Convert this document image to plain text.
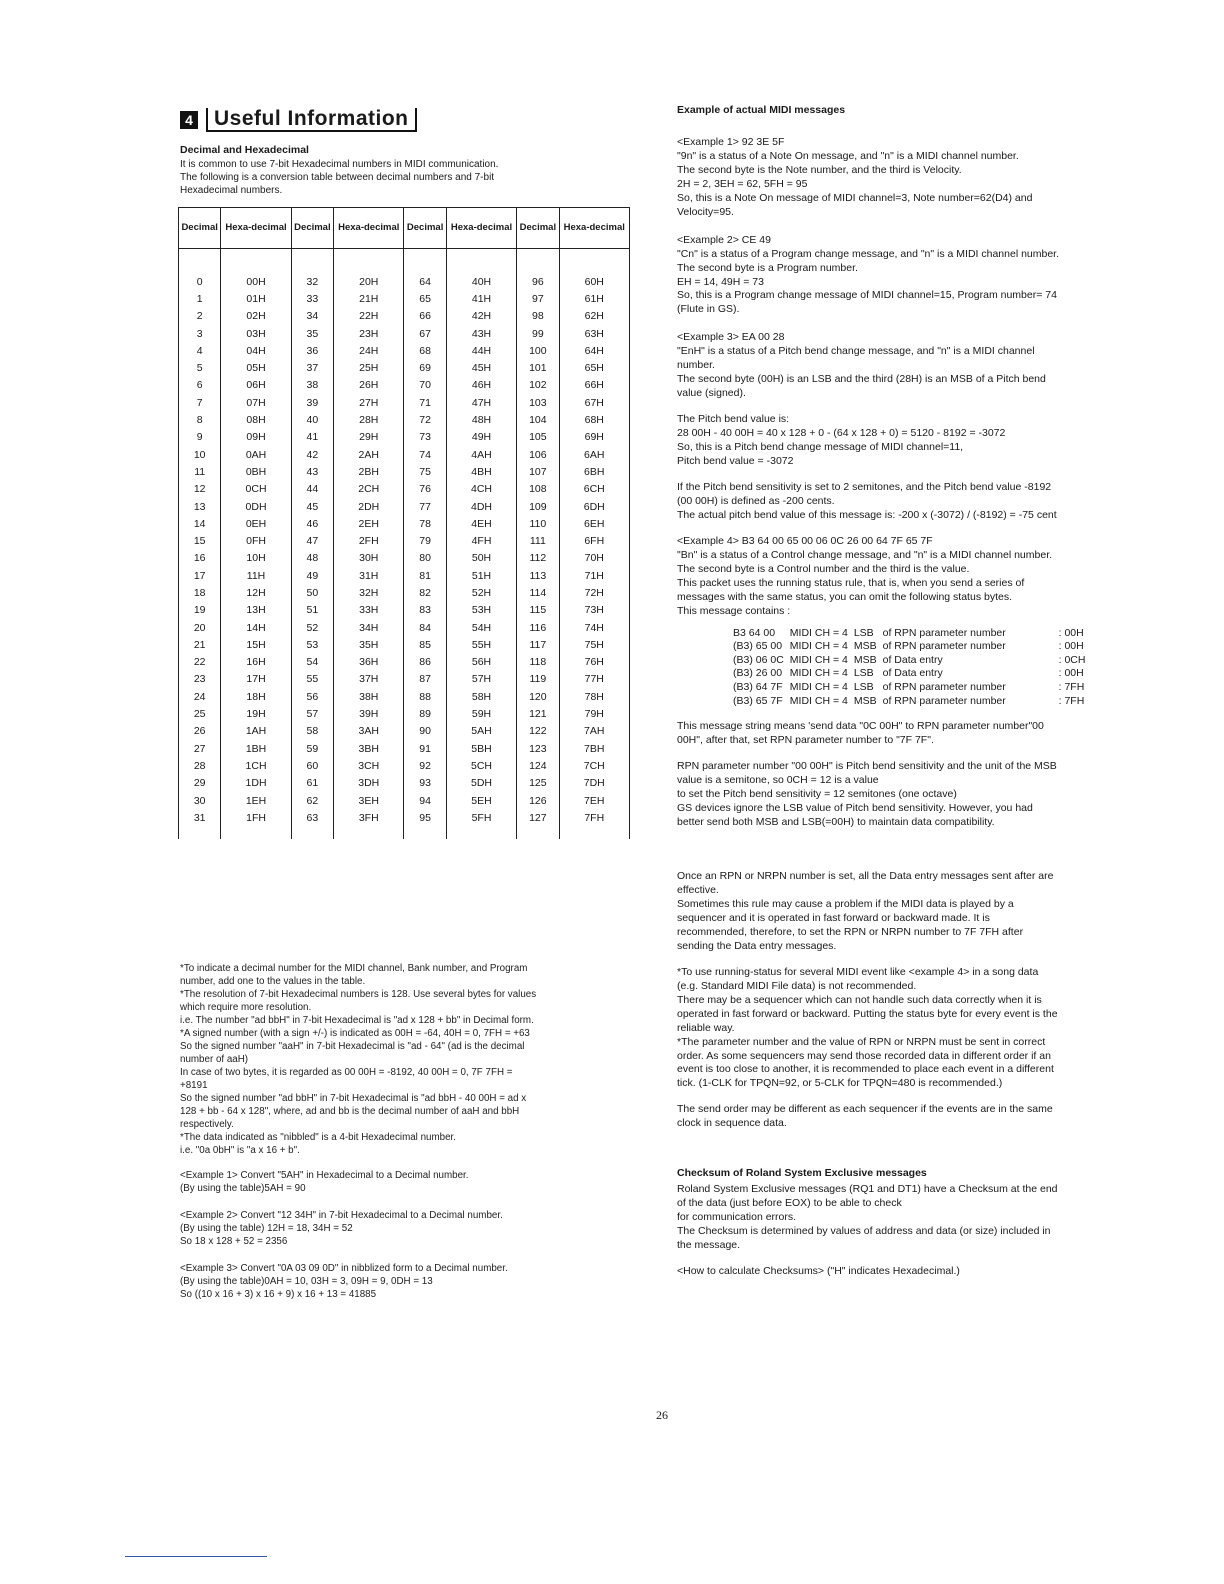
4	Useful Information

Decimal and Hexadecimal

It is common to use 7-bit Hexadecimal numbers in MIDI communication.
The following is a conversion table between decimal numbers and 7-bit
Hexadecimal numbers.
Decimal	Hexa-decimal	Decimal	Hexa-decimal	Decimal	Hexa-decimal	Decimal	Hexa-decimal

0	00H	32	20H	64	40H	96	60H
1	01H	33	21H	65	41H	97	61H
2	02H	34	22H	66	42H	98	62H
3	03H	35	23H	67	43H	99	63H
4	04H	36	24H	68	44H	100	64H
5	05H	37	25H	69	45H	101	65H
6	06H	38	26H	70	46H	102	66H
7	07H	39	27H	71	47H	103	67H
8	08H	40	28H	72	48H	104	68H
9	09H	41	29H	73	49H	105	69H
10	0AH	42	2AH	74	4AH	106	6AH
11	0BH	43	2BH	75	4BH	107	6BH
12	0CH	44	2CH	76	4CH	108	6CH
13	0DH	45	2DH	77	4DH	109	6DH
14	0EH	46	2EH	78	4EH	110	6EH
15	0FH	47	2FH	79	4FH	111	6FH
16	10H	48	30H	80	50H	112	70H
17	11H	49	31H	81	51H	113	71H
18	12H	50	32H	82	52H	114	72H
19	13H	51	33H	83	53H	115	73H
20	14H	52	34H	84	54H	116	74H
21	15H	53	35H	85	55H	117	75H
22	16H	54	36H	86	56H	118	76H
23	17H	55	37H	87	57H	119	77H
24	18H	56	38H	88	58H	120	78H
25	19H	57	39H	89	59H	121	79H
26	1AH	58	3AH	90	5AH	122	7AH
27	1BH	59	3BH	91	5BH	123	7BH
28	1CH	60	3CH	92	5CH	124	7CH
29	1DH	61	3DH	93	5DH	125	7DH
30	1EH	62	3EH	94	5EH	126	7EH
31	1FH	63	3FH	95	5FH	127	7FH

*To indicate a decimal number for the MIDI channel, Bank number, and Program
number, add one to the values in the table.
*The resolution of 7-bit Hexadecimal numbers is 128. Use several bytes for values
which require more resolution.
i.e. The number "ad bbH" in 7-bit Hexadecimal is "ad x 128 + bb" in Decimal form.
*A signed number (with a sign +/-) is indicated as 00H = -64, 40H = 0, 7FH = +63
So the signed number "aaH" in 7-bit Hexadecimal is "ad - 64" (ad is the decimal
number of aaH)
In case of two bytes, it is regarded as 00 00H = -8192, 40 00H = 0, 7F 7FH =
+8191
So the signed number "ad bbH" in 7-bit Hexadecimal is "ad bbH - 40 00H = ad x
128 + bb - 64 x 128", where, ad and bb is the decimal number of aaH and bbH
respectively.
*The data indicated as "nibbled" is a 4-bit Hexadecimal number.
i.e. "0a 0bH" is "a x 16 + b".
<Example 1> Convert "5AH" in Hexadecimal to a Decimal number.
(By using the table)5AH = 90
<Example 2> Convert "12 34H" in 7-bit Hexadecimal to a Decimal number.
(By using the table) 12H = 18, 34H = 52
So 18 x 128 + 52 = 2356
<Example 3> Convert "0A 03 09 0D" in nibblized form to a Decimal number.
(By using the table)0AH = 10, 03H = 3, 09H = 9, 0DH = 13
So ((10 x 16 + 3) x 16 + 9) x 16 + 13 = 41885
Example of actual MIDI messages
<Example 1> 92 3E 5F
"9n" is a status of a Note On message, and "n" is a MIDI channel number.
The second byte is the Note number, and the third is Velocity.
2H = 2, 3EH = 62, 5FH = 95
So, this is a Note On message of MIDI channel=3, Note number=62(D4) and
Velocity=95.
<Example 2> CE 49
"Cn" is a status of a Program change message, and "n" is a MIDI channel number.
The second byte is a Program number.
EH = 14, 49H = 73
So, this is a Program change message of MIDI channel=15, Program number= 74
(Flute in GS).
<Example 3> EA 00 28
"EnH" is a status of a Pitch bend change message, and "n" is a MIDI channel
number.
The second byte (00H) is an LSB and the third (28H) is an MSB of a Pitch bend
value (signed).
The Pitch bend value is:
28 00H - 40 00H = 40 x 128 + 0 - (64 x 128 + 0) = 5120 - 8192 = -3072
So, this is a Pitch bend change message of MIDI channel=11,
Pitch bend value = -3072
If the Pitch bend sensitivity is set to 2 semitones, and the Pitch bend value -8192
(00 00H) is defined as -200 cents.
The actual pitch bend value of this message is: -200 x (-3072) / (-8192) = -75 cent
<Example 4> B3 64 00 65 00 06 0C 26 00 64 7F 65 7F
"Bn" is a status of a Control change message, and "n" is a MIDI channel number.
The second byte is a Control number and the third is the value.
This packet uses the running status rule, that is, when you send a series of
messages with the same status, you can omit the following status bytes.
This message contains :
B3 64 00	MIDI CH = 4	LSB	of RPN parameter number	: 00H
(B3) 65 00	MIDI CH = 4	MSB	of RPN parameter number	: 00H
(B3) 06 0C	MIDI CH = 4	MSB	of Data entry	: 0CH
(B3) 26 00	MIDI CH = 4	LSB	of Data entry	: 00H
(B3) 64 7F	MIDI CH = 4	LSB	of RPN parameter number	: 7FH
(B3) 65 7F	MIDI CH = 4	MSB	of RPN parameter number	: 7FH
This message string means 'send data "0C 00H" to RPN parameter number"00
00H", after that, set RPN parameter number to "7F 7F".
RPN parameter number "00 00H" is Pitch bend sensitivity and the unit of the MSB
value is a semitone, so 0CH = 12 is a value
to set the Pitch bend sensitivity = 12 semitones (one octave)
GS devices ignore the LSB value of Pitch bend sensitivity. However, you had
better send both MSB and LSB(=00H) to maintain data compatibility.
Once an RPN or NRPN number is set, all the Data entry messages sent after are
effective.
Sometimes this rule may cause a problem if the MIDI data is played by a
sequencer and it is operated in fast forward or backward made. It is
recommended, therefore, to set the RPN or NRPN number to 7F 7FH after
sending the Data entry messages.
*To use running-status for several MIDI event like <example 4> in a song data
(e.g. Standard MIDI File data) is not recommended.
There may be a sequencer which can not handle such data correctly when it is
operated in fast forward or backward. Putting the status byte for every event is the
reliable way.
*The parameter number and the value of RPN or NRPN must be sent in correct
order. As some sequencers may send those recorded data in different order if an
event is too close to another, it is recommended to place each event in a different
tick. (1-CLK for TPQN=92, or 5-CLK for TPQN=480 is recommended.)
The send order may be different as each sequencer if the events are in the same
clock in sequence data.
Checksum of Roland System Exclusive messages
Roland System Exclusive messages (RQ1 and DT1) have a Checksum at the end
of the data (just before EOX) to be able to check
for communication errors.
The Checksum is determined by values of address and data (or size) included in
the message.
<How to calculate Checksums> ("H" indicates Hexadecimal.)
26
